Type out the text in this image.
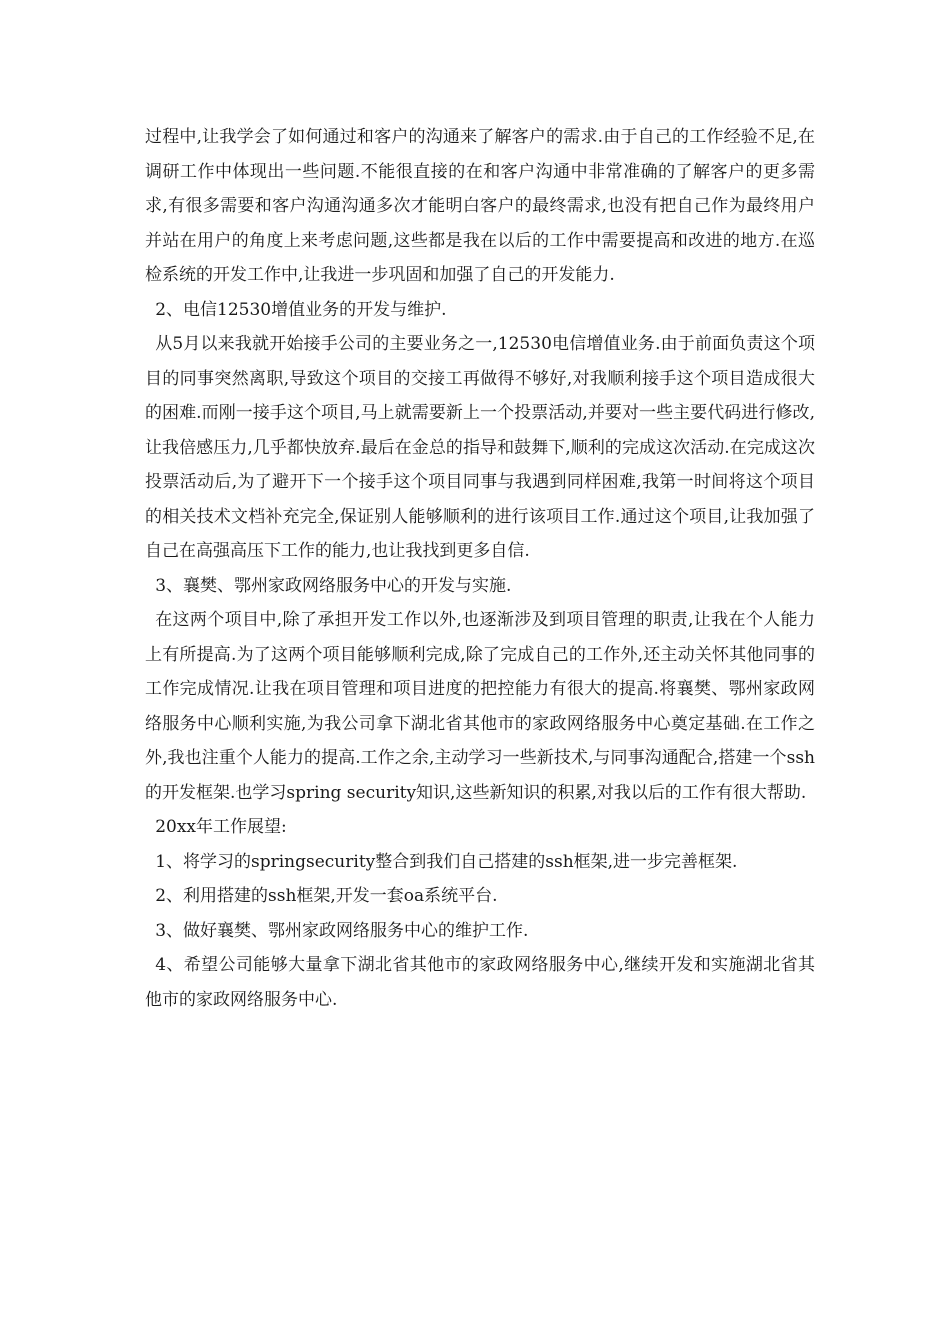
过程中,让我学会了如何通过和客户的沟通来了解客户的需求.由于自己的工作经验不足,在调研工作中体现出一些问题.不能很直接的在和客户沟通中非常准确的了解客户的更多需求,有很多需要和客户沟通沟通多次才能明白客户的最终需求,也没有把自己作为最终用户并站在用户的角度上来考虑问题,这些都是我在以后的工作中需要提高和改进的地方.在巡检系统的开发工作中,让我进一步巩固和加强了自己的开发能力.

2、电信12530增值业务的开发与维护.

从5月以来我就开始接手公司的主要业务之一,12530电信增值业务.由于前面负责这个项目的同事突然离职,导致这个项目的交接工再做得不够好,对我顺利接手这个项目造成很大的困难.而刚一接手这个项目,马上就需要新上一个投票活动,并要对一些主要代码进行修改,让我倍感压力,几乎都快放弃.最后在金总的指导和鼓舞下,顺利的完成这次活动.在完成这次投票活动后,为了避开下一个接手这个项目同事与我遇到同样困难,我第一时间将这个项目的相关技术文档补充完全,保证别人能够顺利的进行该项目工作.通过这个项目,让我加强了自己在高强高压下工作的能力,也让我找到更多自信.

3、襄樊、鄂州家政网络服务中心的开发与实施.

在这两个项目中,除了承担开发工作以外,也逐渐涉及到项目管理的职责,让我在个人能力上有所提高.为了这两个项目能够顺利完成,除了完成自己的工作外,还主动关怀其他同事的工作完成情况.让我在项目管理和项目进度的把控能力有很大的提高.将襄樊、鄂州家政网络服务中心顺利实施,为我公司拿下湖北省其他市的家政网络服务中心奠定基础.在工作之外,我也注重个人能力的提高.工作之余,主动学习一些新技术,与同事沟通配合,搭建一个ssh的开发框架.也学习spring security知识,这些新知识的积累,对我以后的工作有很大帮助.

20xx年工作展望:

1、将学习的springsecurity整合到我们自己搭建的ssh框架,进一步完善框架.

2、利用搭建的ssh框架,开发一套oa系统平台.

3、做好襄樊、鄂州家政网络服务中心的维护工作.

4、希望公司能够大量拿下湖北省其他市的家政网络服务中心,继续开发和实施湖北省其他市的家政网络服务中心.
